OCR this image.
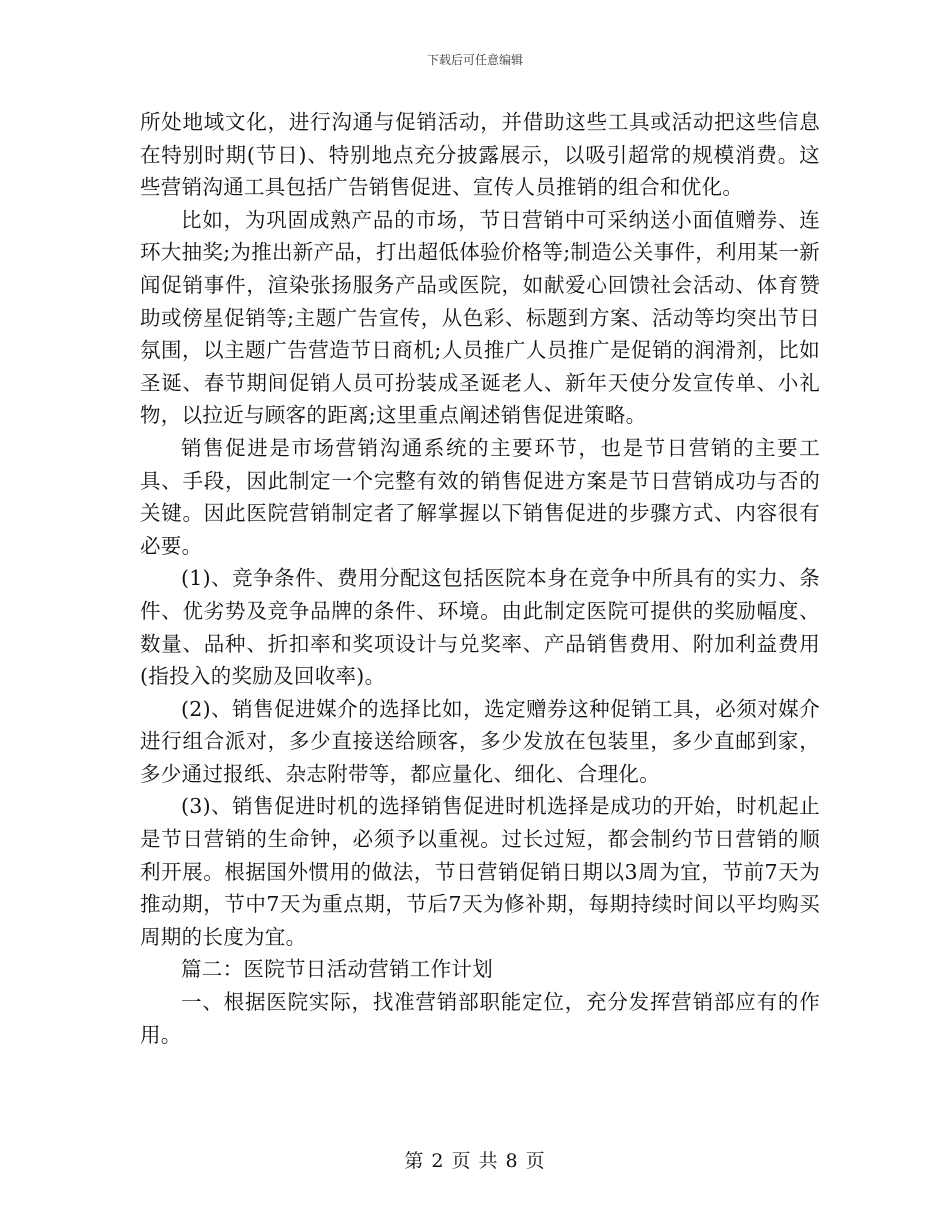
下载后可任意编辑

所处地域文化，进行沟通与促销活动，并借助这些工具或活动把这些信息在特别时期(节日)、特别地点充分披露展示，以吸引超常的规模消费。这些营销沟通工具包括广告销售促进、宣传人员推销的组合和优化。

比如，为巩固成熟产品的市场，节日营销中可采纳送小面值赠券、连环大抽奖;为推出新产品，打出超低体验价格等;制造公关事件，利用某一新闻促销事件，渲染张扬服务产品或医院，如献爱心回馈社会活动、体育赞助或傍星促销等;主题广告宣传，从色彩、标题到方案、活动等均突出节日氛围，以主题广告营造节日商机;人员推广人员推广是促销的润滑剂，比如圣诞、春节期间促销人员可扮装成圣诞老人、新年天使分发宣传单、小礼物，以拉近与顾客的距离;这里重点阐述销售促进策略。

销售促进是市场营销沟通系统的主要环节，也是节日营销的主要工具、手段，因此制定一个完整有效的销售促进方案是节日营销成功与否的关键。因此医院营销制定者了解掌握以下销售促进的步骤方式、内容很有必要。

(1)、竞争条件、费用分配这包括医院本身在竞争中所具有的实力、条件、优劣势及竞争品牌的条件、环境。由此制定医院可提供的奖励幅度、数量、品种、折扣率和奖项设计与兑奖率、产品销售费用、附加利益费用(指投入的奖励及回收率)。

(2)、销售促进媒介的选择比如，选定赠券这种促销工具，必须对媒介进行组合派对，多少直接送给顾客，多少发放在包装里，多少直邮到家，多少通过报纸、杂志附带等，都应量化、细化、合理化。

(3)、销售促进时机的选择销售促进时机选择是成功的开始，时机起止是节日营销的生命钟，必须予以重视。过长过短，都会制约节日营销的顺利开展。根据国外惯用的做法，节日营销促销日期以3周为宜，节前7天为推动期，节中7天为重点期，节后7天为修补期，每期持续时间以平均购买周期的长度为宜。

篇二：医院节日活动营销工作计划

一、根据医院实际，找准营销部职能定位，充分发挥营销部应有的作用。

第 2 页 共 8 页
